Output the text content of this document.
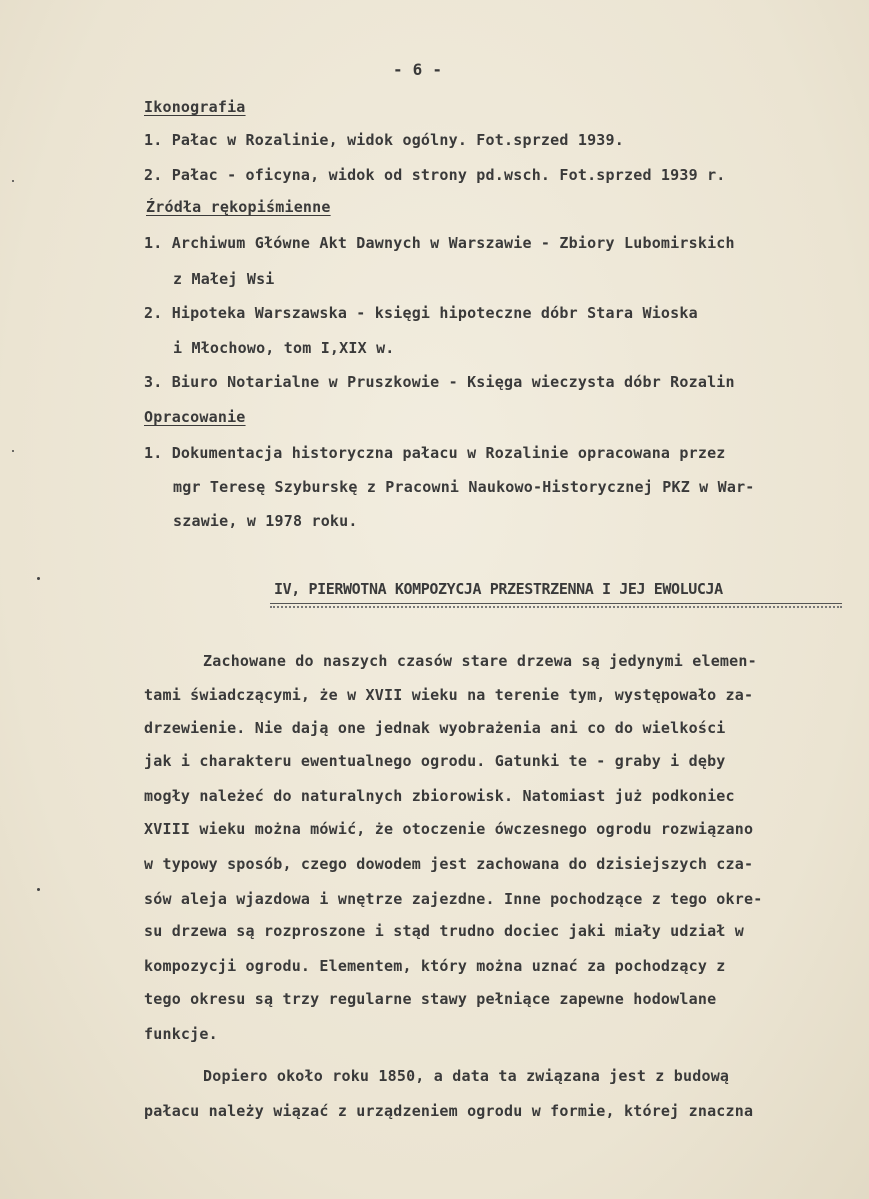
- 6 -
Ikonografia
1. Pałac w Rozalinie, widok ogólny. Fot.sprzed 1939.
2. Pałac - oficyna, widok od strony pd.wsch. Fot.sprzed 1939 r.
Źródła rękopiśmienne
1. Archiwum Główne Akt Dawnych w Warszawie - Zbiory Lubomirskich
z Małej Wsi
2. Hipoteka Warszawska - księgi hipoteczne dóbr Stara Wioska
i Młochowo, tom I,XIX w.
3. Biuro Notarialne w Pruszkowie - Księga wieczysta dóbr Rozalin
Opracowanie
1. Dokumentacja historyczna pałacu w Rozalinie opracowana przez
mgr Teresę Szyburskę z Pracowni Naukowo-Historycznej PKZ w War-
szawie, w 1978 roku.
IV, PIERWOTNA KOMPOZYCJA PRZESTRZENNA I JEJ EWOLUCJA
Zachowane do naszych czasów stare drzewa są jedynymi elemen-
tami świadczącymi, że w XVII wieku na terenie tym, występowało za-
drzewienie. Nie dają one jednak wyobrażenia ani co do wielkości
jak i charakteru ewentualnego ogrodu. Gatunki te - graby i dęby
mogły należeć do naturalnych zbiorowisk. Natomiast już podkoniec
XVIII wieku można mówić, że otoczenie ówczesnego ogrodu rozwiązano
w typowy sposób, czego dowodem jest zachowana do dzisiejszych cza-
sów aleja wjazdowa i wnętrze zajezdne. Inne pochodzące z tego okre-
su drzewa są rozproszone i stąd trudno dociec jaki miały udział w
kompozycji ogrodu. Elementem, który można uznać za pochodzący z
tego okresu są trzy regularne stawy pełniące zapewne hodowlane
funkcje.
Dopiero około roku 1850, a data ta związana jest z budową
pałacu należy wiązać z urządzeniem ogrodu w formie, której znaczna
